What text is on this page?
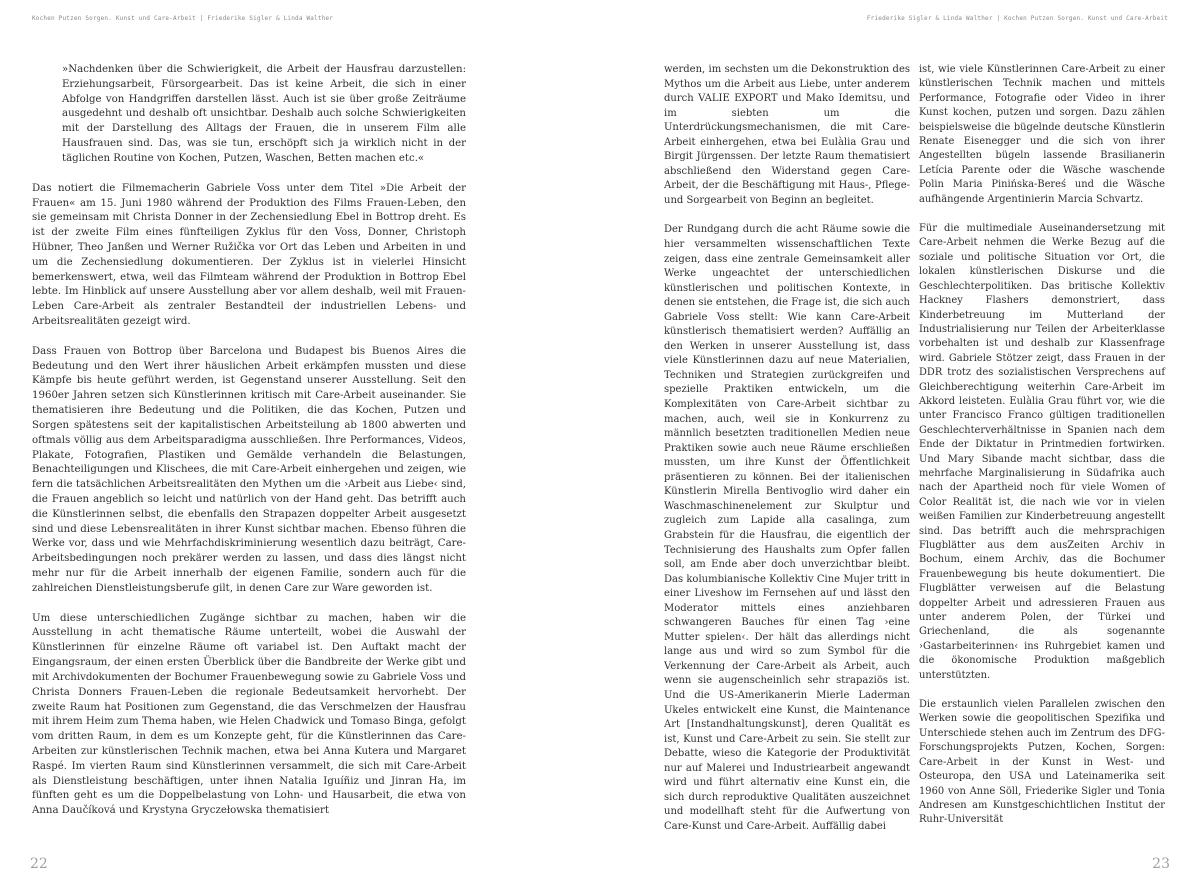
Kochen Putzen Sorgen. Kunst und Care-Arbeit | Friederike Sigler & Linda Walther

»Nachdenken über die Schwierigkeit, die Arbeit der Hausfrau darzustellen: Erziehungsarbeit, Fürsorgearbeit. Das ist keine Arbeit, die sich in einer Abfolge von Handgriffen darstellen lässt. Auch ist sie über große Zeiträume ausgedehnt und deshalb oft unsichtbar. Deshalb auch solche Schwierigkeiten mit der Darstellung des Alltags der Frauen, die in unserem Film alle Hausfrauen sind. Das, was sie tun, erschöpft sich ja wirklich nicht in der täglichen Routine von Kochen, Putzen, Waschen, Betten machen etc.«

Das notiert die Filmemacherin Gabriele Voss unter dem Titel »Die Arbeit der Frauen« am 15. Juni 1980 während der Produktion des Films Frauen-Leben, den sie gemeinsam mit Christa Donner in der Zechensiedlung Ebel in Bottrop dreht. Es ist der zweite Film eines fünfteiligen Zyklus für den Voss, Donner, Christoph Hübner, Theo Janßen und Werner Ružička vor Ort das Leben und Arbeiten in und um die Zechensiedlung dokumentieren. Der Zyklus ist in vielerlei Hinsicht bemerkenswert, etwa, weil das Filmteam während der Produktion in Bottrop Ebel lebte. Im Hinblick auf unsere Ausstellung aber vor allem deshalb, weil mit Frauen-Leben Care-Arbeit als zentraler Bestandteil der industriellen Lebens- und Arbeitsrealitäten gezeigt wird.

Dass Frauen von Bottrop über Barcelona und Budapest bis Buenos Aires die Bedeutung und den Wert ihrer häuslichen Arbeit erkämpfen mussten und diese Kämpfe bis heute geführt werden, ist Gegenstand unserer Ausstellung. Seit den 1960er Jahren setzen sich Künstlerinnen kritisch mit Care-Arbeit auseinander. Sie thematisieren ihre Bedeutung und die Politiken, die das Kochen, Putzen und Sorgen spätestens seit der kapitalistischen Arbeitsteilung ab 1800 abwerten und oftmals völlig aus dem Arbeitsparadigma ausschließen. Ihre Performances, Videos, Plakate, Fotografien, Plastiken und Gemälde verhandeln die Belastungen, Benachteiligungen und Klischees, die mit Care-Arbeit einhergehen und zeigen, wie fern die tatsächlichen Arbeitsrealitäten den Mythen um die ›Arbeit aus Liebe‹ sind, die Frauen angeblich so leicht und natürlich von der Hand geht. Das betrifft auch die Künstlerinnen selbst, die ebenfalls den Strapazen doppelter Arbeit ausgesetzt sind und diese Lebensrealitäten in ihrer Kunst sichtbar machen. Ebenso führen die Werke vor, dass und wie Mehrfachdiskriminierung wesentlich dazu beiträgt, Care-Arbeitsbedingungen noch prekärer werden zu lassen, und dass dies längst nicht mehr nur für die Arbeit innerhalb der eigenen Familie, sondern auch für die zahlreichen Dienstleistungsberufe gilt, in denen Care zur Ware geworden ist.

Um diese unterschiedlichen Zugänge sichtbar zu machen, haben wir die Ausstellung in acht thematische Räume unterteilt, wobei die Auswahl der Künstlerinnen für einzelne Räume oft variabel ist. Den Auftakt macht der Eingangsraum, der einen ersten Überblick über die Bandbreite der Werke gibt und mit Archivdokumenten der Bochumer Frauenbewegung sowie zu Gabriele Voss und Christa Donners Frauen-Leben die regionale Bedeutsamkeit hervorhebt. Der zweite Raum hat Positionen zum Gegenstand, die das Verschmelzen der Hausfrau mit ihrem Heim zum Thema haben, wie Helen Chadwick und Tomaso Binga, gefolgt vom dritten Raum, in dem es um Konzepte geht, für die Künstlerinnen das Care-Arbeiten zur künstlerischen Technik machen, etwa bei Anna Kutera und Margaret Raspé. Im vierten Raum sind Künstlerinnen versammelt, die sich mit Care-Arbeit als Dienstleistung beschäftigen, unter ihnen Natalia Iguíñiz und Jinran Ha, im fünften geht es um die Doppelbelastung von Lohn- und Hausarbeit, die etwa von Anna Daučíková und Krystyna Gryczełowska thematisiert

22
Friederike Sigler & Linda Walther | Kochen Putzen Sorgen. Kunst und Care-Arbeit

werden, im sechsten um die Dekonstruktion des Mythos um die Arbeit aus Liebe, unter anderem durch VALIE EXPORT und Mako Idemitsu, und im siebten um die Unterdrückungsmechanismen, die mit Care-Arbeit einhergehen, etwa bei Eulàlia Grau und Birgit Jürgenssen. Der letzte Raum thematisiert abschließend den Widerstand gegen Care-Arbeit, der die Beschäftigung mit Haus-, Pflege- und Sorgearbeit von Beginn an begleitet.

Der Rundgang durch die acht Räume sowie die hier versammelten wissenschaftlichen Texte zeigen, dass eine zentrale Gemeinsamkeit aller Werke ungeachtet der unterschiedlichen künstlerischen und politischen Kontexte, in denen sie entstehen, die Frage ist, die sich auch Gabriele Voss stellt: Wie kann Care-Arbeit künstlerisch thematisiert werden? Auffällig an den Werken in unserer Ausstellung ist, dass viele Künstlerinnen dazu auf neue Materialien, Techniken und Strategien zurückgreifen und spezielle Praktiken entwickeln, um die Komplexitäten von Care-Arbeit sichtbar zu machen, auch, weil sie in Konkurrenz zu männlich besetzten traditionellen Medien neue Praktiken sowie auch neue Räume erschließen mussten, um ihre Kunst der Öffentlichkeit präsentieren zu können. Bei der italienischen Künstlerin Mirella Bentivoglio wird daher ein Waschmaschinenelement zur Skulptur und zugleich zum Lapide alla casalinga, zum Grabstein für die Hausfrau, die eigentlich der Technisierung des Haushalts zum Opfer fallen soll, am Ende aber doch unverzichtbar bleibt. Das kolumbianische Kollektiv Cine Mujer tritt in einer Liveshow im Fernsehen auf und lässt den Moderator mittels eines anziehbaren schwangeren Bauches für einen Tag ›eine Mutter spielen‹. Der hält das allerdings nicht lange aus und wird so zum Symbol für die Verkennung der Care-Arbeit als Arbeit, auch wenn sie augenscheinlich sehr strapaziös ist. Und die US-Amerikanerin Mierle Laderman Ukeles entwickelt eine Kunst, die Maintenance Art [Instandhaltungskunst], deren Qualität es ist, Kunst und Care-Arbeit zu sein. Sie stellt zur Debatte, wieso die Kategorie der Produktivität nur auf Malerei und Industriearbeit angewandt wird und führt alternativ eine Kunst ein, die sich durch reproduktive Qualitäten auszeichnet und modellhaft steht für die Aufwertung von Care-Kunst und Care-Arbeit. Auffällig dabei

ist, wie viele Künstlerinnen Care-Arbeit zu einer künstlerischen Technik machen und mittels Performance, Fotografie oder Video in ihrer Kunst kochen, putzen und sorgen. Dazu zählen beispielsweise die bügelnde deutsche Künstlerin Renate Eisenegger und die sich von ihrer Angestellten bügeln lassende Brasilianerin Letícia Parente oder die Wäsche waschende Polin Maria Pinińska-Bereś und die Wäsche aufhängende Argentinierin Marcia Schvartz.

Für die multimediale Auseinandersetzung mit Care-Arbeit nehmen die Werke Bezug auf die soziale und politische Situation vor Ort, die lokalen künstlerischen Diskurse und die Geschlechterpolitiken. Das britische Kollektiv Hackney Flashers demonstriert, dass Kinderbetreuung im Mutterland der Industrialisierung nur Teilen der Arbeiterklasse vorbehalten ist und deshalb zur Klassenfrage wird. Gabriele Stötzer zeigt, dass Frauen in der DDR trotz des sozialistischen Versprechens auf Gleichberechtigung weiterhin Care-Arbeit im Akkord leisteten. Eulàlia Grau führt vor, wie die unter Francisco Franco gültigen traditionellen Geschlechterverhältnisse in Spanien nach dem Ende der Diktatur in Printmedien fortwirken. Und Mary Sibande macht sichtbar, dass die mehrfache Marginalisierung in Südafrika auch nach der Apartheid noch für viele Women of Color Realität ist, die nach wie vor in vielen weißen Familien zur Kinderbetreuung angestellt sind. Das betrifft auch die mehrsprachigen Flugblätter aus dem ausZeiten Archiv in Bochum, einem Archiv, das die Bochumer Frauenbewegung bis heute dokumentiert. Die Flugblätter verweisen auf die Belastung doppelter Arbeit und adressieren Frauen aus unter anderem Polen, der Türkei und Griechenland, die als sogenannte ›Gastarbeiterinnen‹ ins Ruhrgebiet kamen und die ökonomische Produktion maßgeblich unterstützten.

Die erstaunlich vielen Parallelen zwischen den Werken sowie die geopolitischen Spezifika und Unterschiede stehen auch im Zentrum des DFG-Forschungsprojekts Putzen, Kochen, Sorgen: Care-Arbeit in der Kunst in West- und Osteuropa, den USA und Lateinamerika seit 1960 von Anne Söll, Friederike Sigler und Tonia Andresen am Kunstgeschichtlichen Institut der Ruhr-Universität

23
